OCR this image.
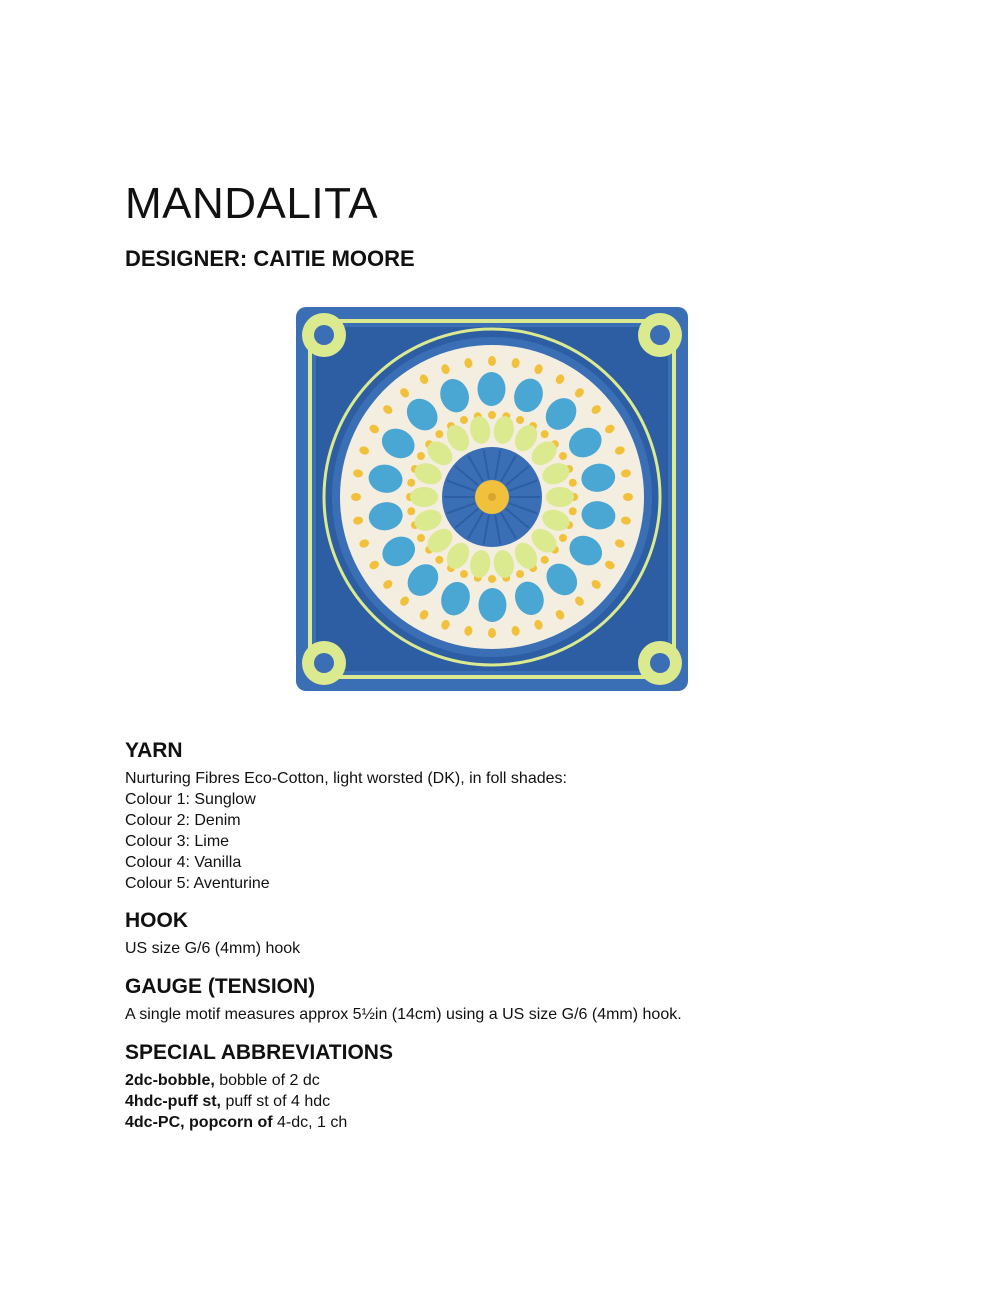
MANDALITA
DESIGNER: CAITIE MOORE
YARN

Nurturing Fibres Eco-Cotton, light worsted (DK), in foll shades:

Colour 1: Sunglow

Colour 2: Denim

Colour 3: Lime

Colour 4: Vanilla

Colour 5: Aventurine

HOOK

US size G/6 (4mm) hook

GAUGE (TENSION)

A single motif measures approx 5½in (14cm) using a US size G/6 (4mm) hook.

SPECIAL ABBREVIATIONS

2dc-bobble, bobble of 2 dc

4hdc-puff st, puff st of 4 hdc

4dc-PC, popcorn of 4-dc, 1 ch
